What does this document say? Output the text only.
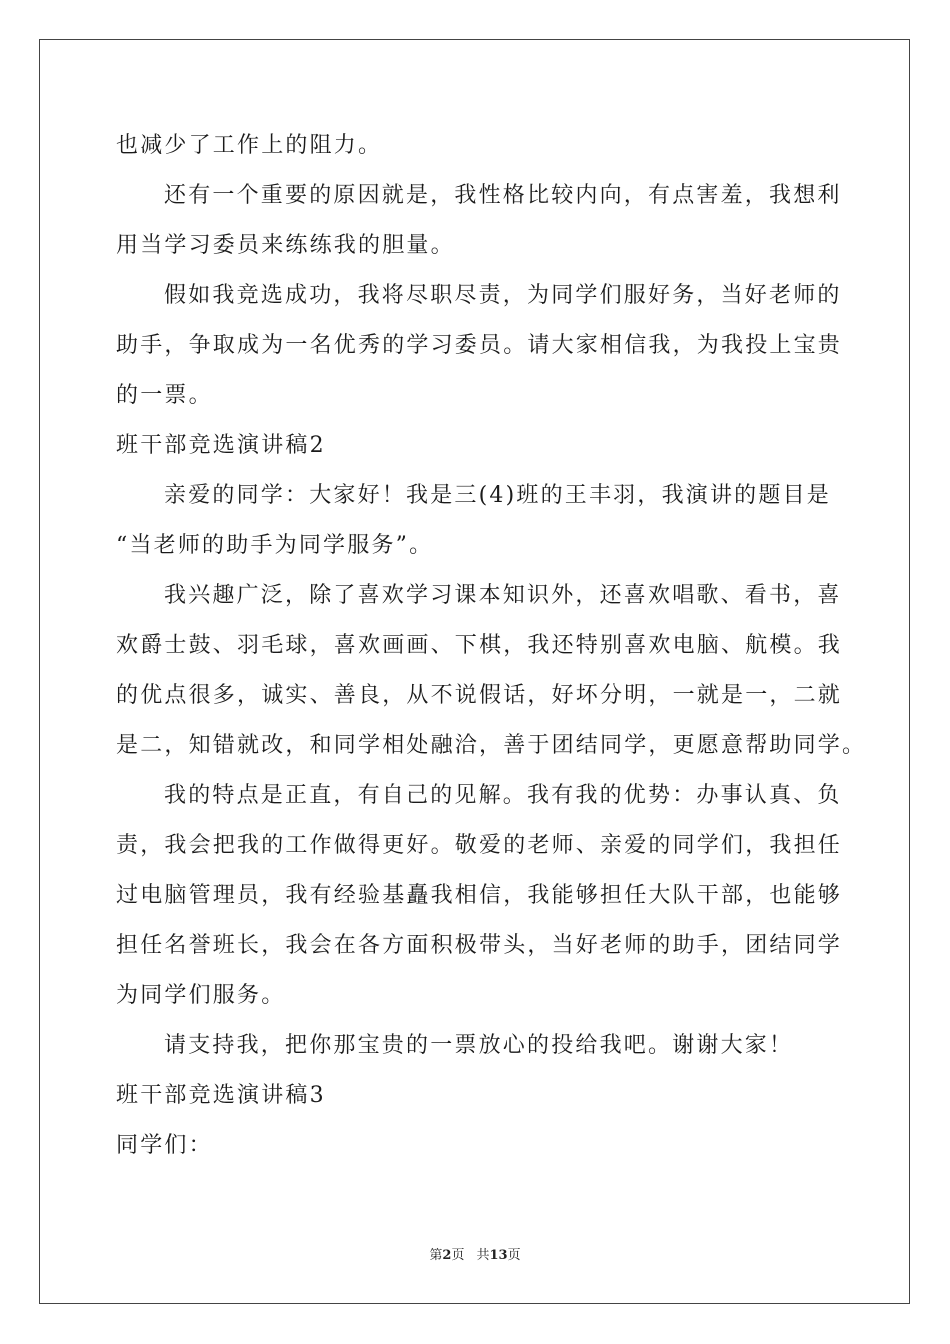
也减少了工作上的阻力。
还有一个重要的原因就是，我性格比较内向，有点害羞，我想利
用当学习委员来练练我的胆量。
假如我竞选成功，我将尽职尽责，为同学们服好务，当好老师的
助手，争取成为一名优秀的学习委员。请大家相信我，为我投上宝贵
的一票。
班干部竞选演讲稿2
亲爱的同学：大家好！我是三(4)班的王丰羽，我演讲的题目是
“当老师的助手为同学服务”。
我兴趣广泛，除了喜欢学习课本知识外，还喜欢唱歌、看书，喜
欢爵士鼓、羽毛球，喜欢画画、下棋，我还特别喜欢电脑、航模。我
的优点很多，诚实、善良，从不说假话，好坏分明，一就是一，二就
是二，知错就改，和同学相处融洽，善于团结同学，更愿意帮助同学。
我的特点是正直，有自己的见解。我有我的优势：办事认真、负
责，我会把我的工作做得更好。敬爱的老师、亲爱的同学们，我担任
过电脑管理员，我有经验基矗我相信，我能够担任大队干部，也能够
担任名誉班长，我会在各方面积极带头，当好老师的助手，团结同学
为同学们服务。
请支持我，把你那宝贵的一票放心的投给我吧。谢谢大家！
班干部竞选演讲稿3
同学们：
第2页 共13页
